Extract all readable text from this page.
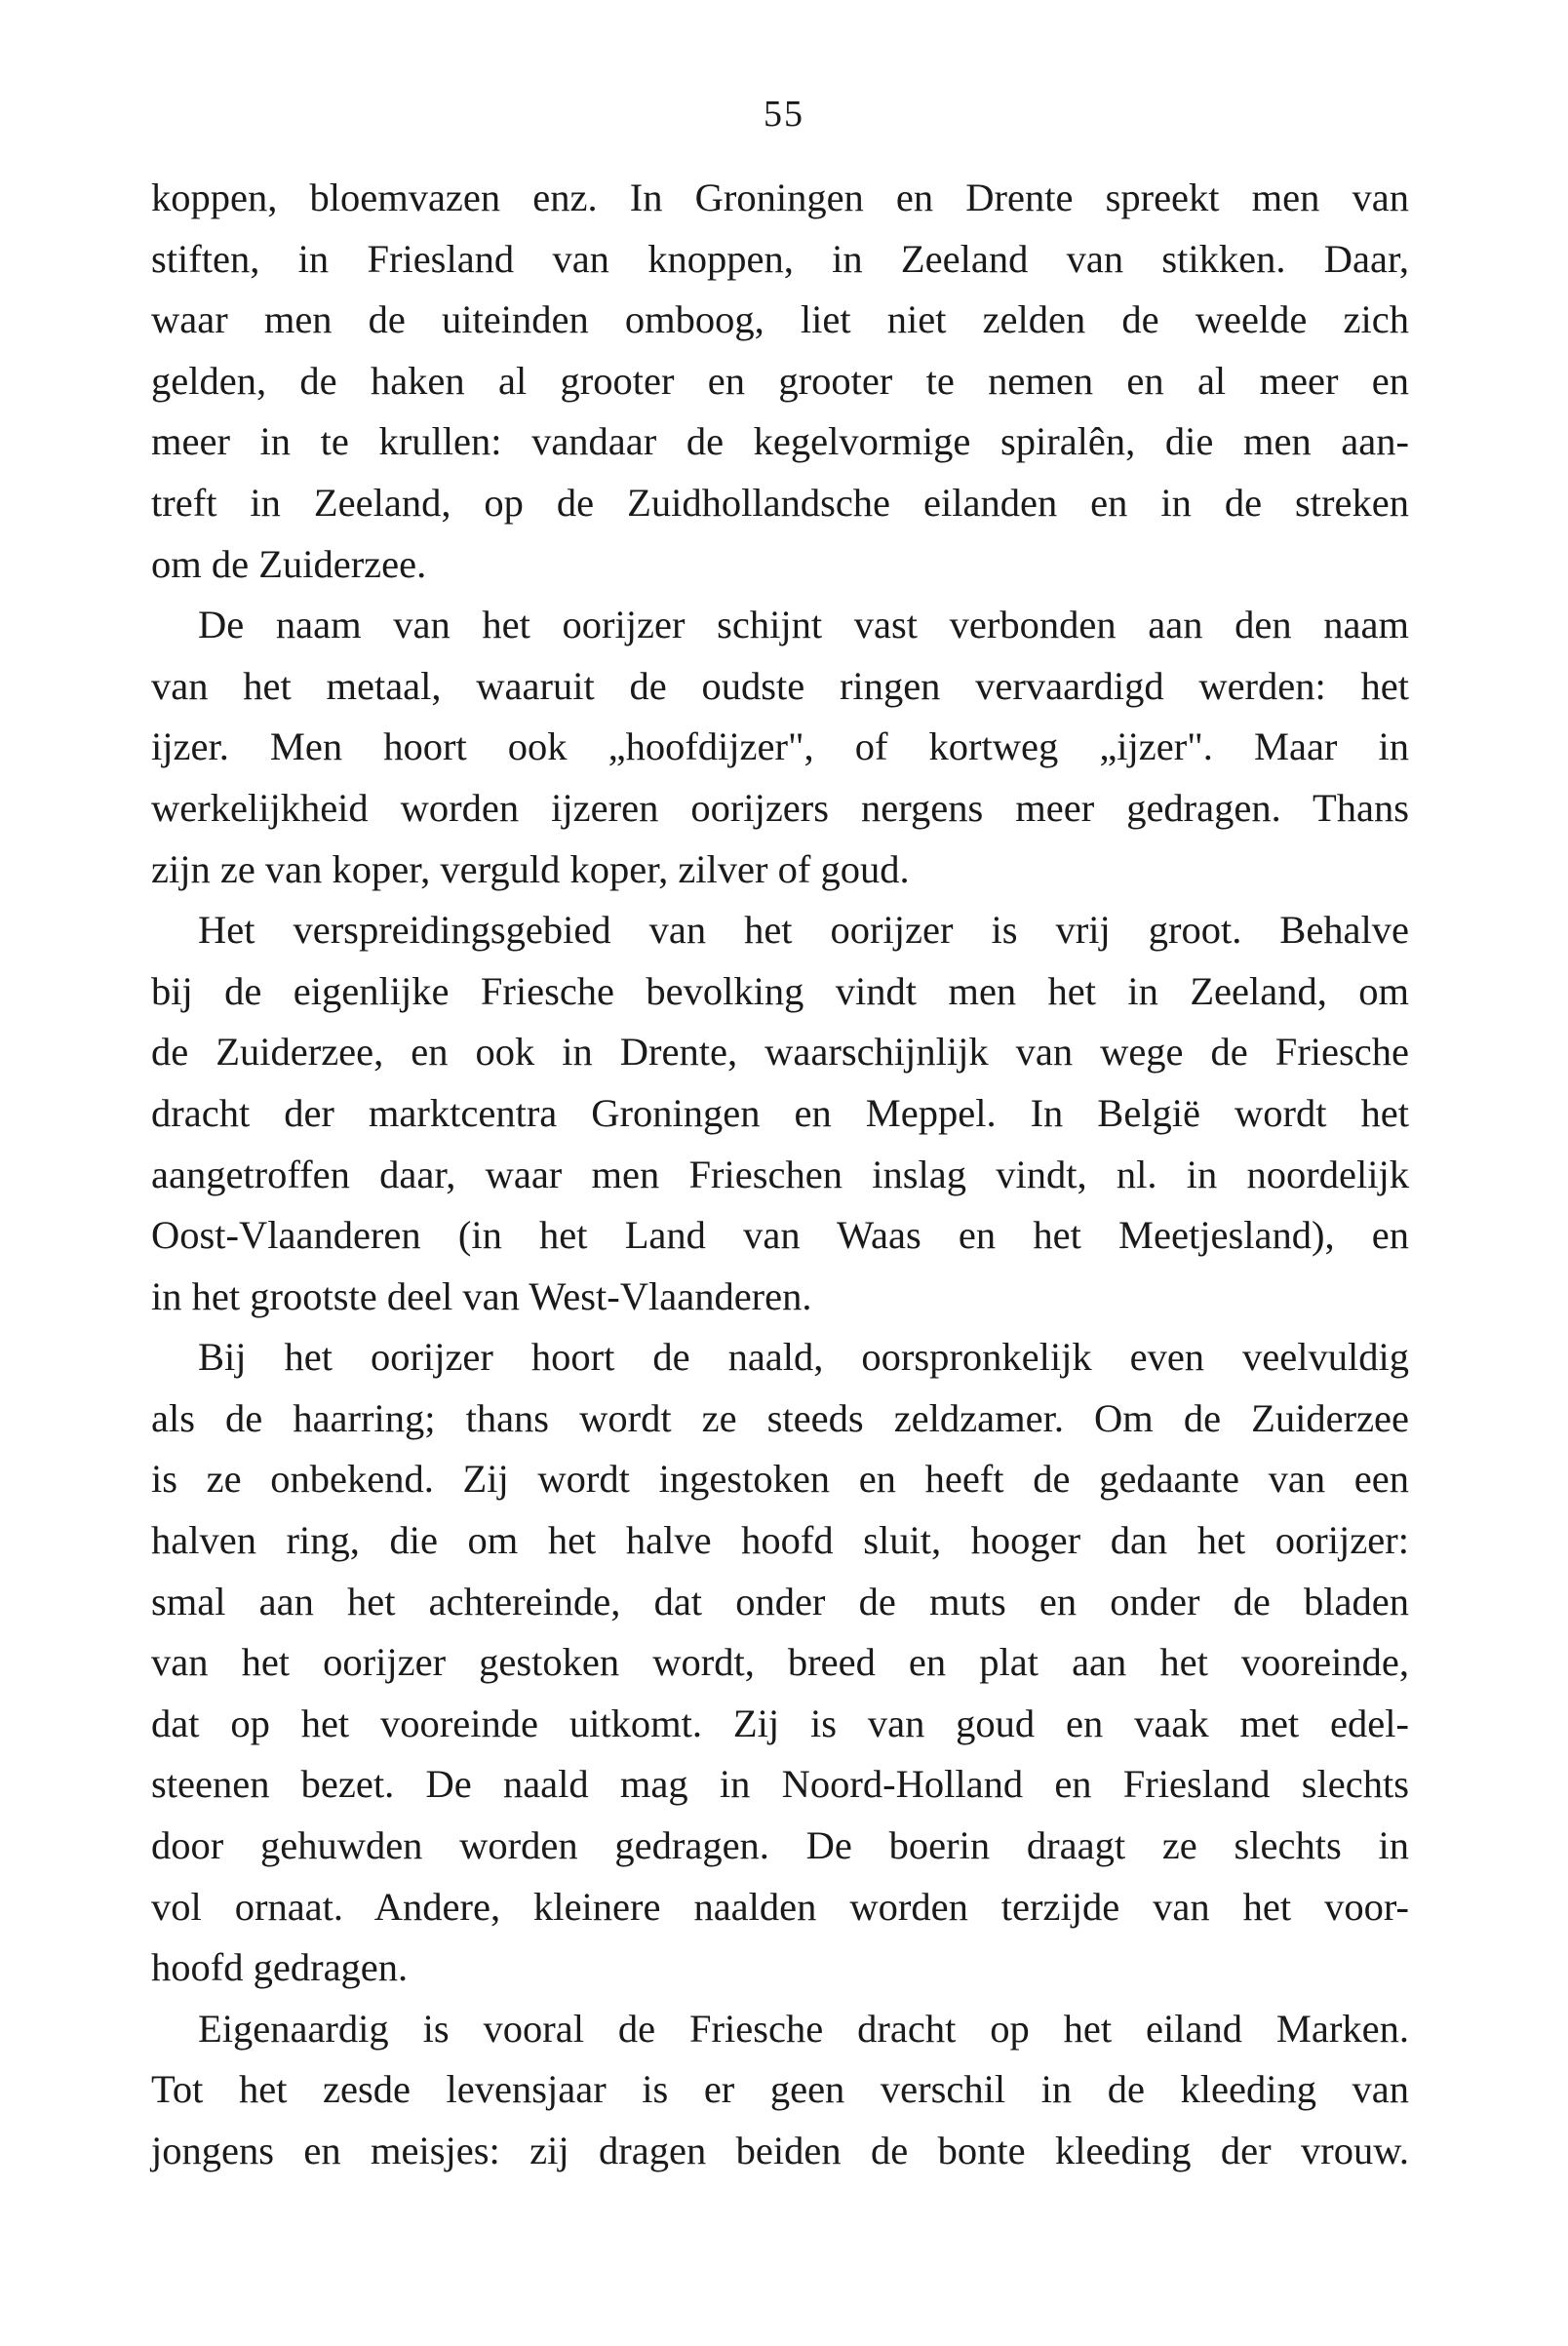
55
koppen, bloemvazen enz. In Groningen en Drente spreekt men van
stiften, in Friesland van knoppen, in Zeeland van stikken. Daar,
waar men de uiteinden omboog, liet niet zelden de weelde zich
gelden, de haken al grooter en grooter te nemen en al meer en
meer in te krullen: vandaar de kegelvormige spiralên, die men aan-
treft in Zeeland, op de Zuidhollandsche eilanden en in de streken
om de Zuiderzee.
De naam van het oorijzer schijnt vast verbonden aan den naam
van het metaal, waaruit de oudste ringen vervaardigd werden: het
ijzer. Men hoort ook „hoofdijzer", of kortweg „ijzer". Maar in
werkelijkheid worden ijzeren oorijzers nergens meer gedragen. Thans
zijn ze van koper, verguld koper, zilver of goud.
Het verspreidingsgebied van het oorijzer is vrij groot. Behalve
bij de eigenlijke Friesche bevolking vindt men het in Zeeland, om
de Zuiderzee, en ook in Drente, waarschijnlijk van wege de Friesche
dracht der marktcentra Groningen en Meppel. In België wordt het
aangetroffen daar, waar men Frieschen inslag vindt, nl. in noordelijk
Oost-Vlaanderen (in het Land van Waas en het Meetjesland), en
in het grootste deel van West-Vlaanderen.
Bij het oorijzer hoort de naald, oorspronkelijk even veelvuldig
als de haarring; thans wordt ze steeds zeldzamer. Om de Zuiderzee
is ze onbekend. Zij wordt ingestoken en heeft de gedaante van een
halven ring, die om het halve hoofd sluit, hooger dan het oorijzer:
smal aan het achtereinde, dat onder de muts en onder de bladen
van het oorijzer gestoken wordt, breed en plat aan het vooreinde,
dat op het vooreinde uitkomt. Zij is van goud en vaak met edel-
steenen bezet. De naald mag in Noord-Holland en Friesland slechts
door gehuwden worden gedragen. De boerin draagt ze slechts in
vol ornaat. Andere, kleinere naalden worden terzijde van het voor-
hoofd gedragen.
Eigenaardig is vooral de Friesche dracht op het eiland Marken.
Tot het zesde levensjaar is er geen verschil in de kleeding van
jongens en meisjes: zij dragen beiden de bonte kleeding der vrouw.
